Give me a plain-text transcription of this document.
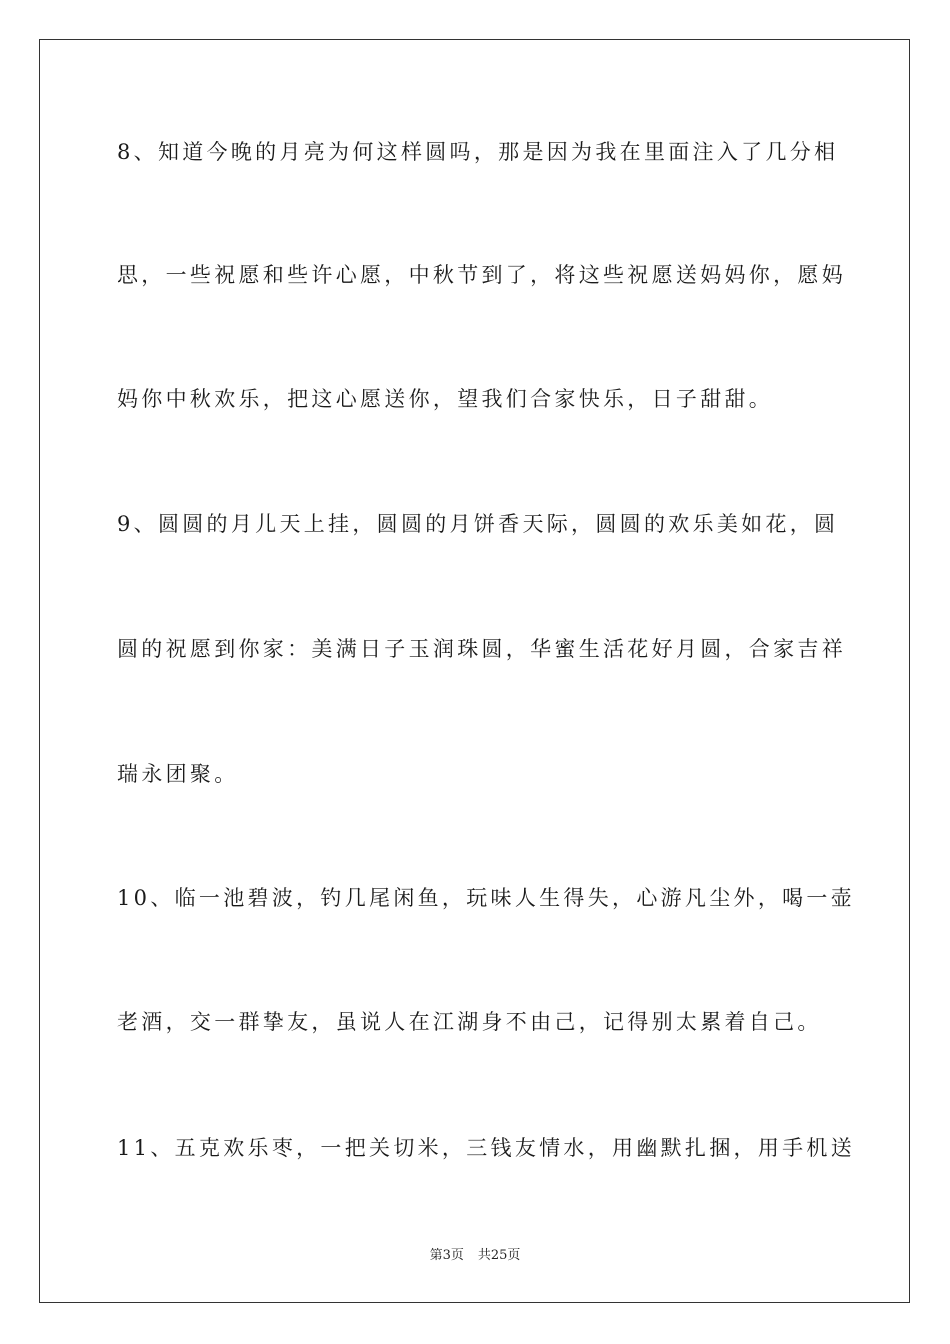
8、知道今晚的月亮为何这样圆吗，那是因为我在里面注入了几分相
思，一些祝愿和些许心愿，中秋节到了，将这些祝愿送妈妈你，愿妈
妈你中秋欢乐，把这心愿送你，望我们合家快乐，日子甜甜。
9、圆圆的月儿天上挂，圆圆的月饼香天际，圆圆的欢乐美如花，圆
圆的祝愿到你家：美满日子玉润珠圆，华蜜生活花好月圆，合家吉祥
瑞永团聚。
10、临一池碧波，钓几尾闲鱼，玩味人生得失，心游凡尘外，喝一壶
老酒，交一群挚友，虽说人在江湖身不由己，记得别太累着自己。
11、五克欢乐枣，一把关切米，三钱友情水，用幽默扎捆，用手机送
第3页 共25页
